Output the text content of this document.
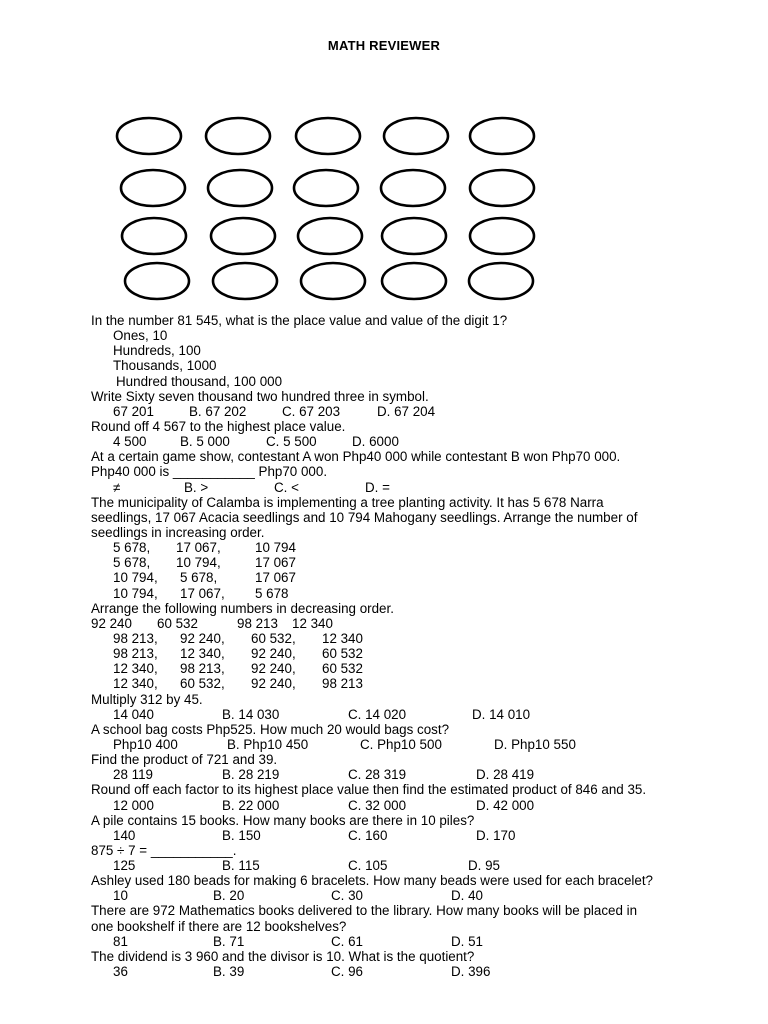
MATH REVIEWER
In the number 81 545, what is the place value and value of the digit 1?
Ones, 10
Hundreds, 100
Thousands, 1000
Hundred thousand, 100 000
Write Sixty seven thousand two hundred three in symbol.
67 201	B. 67 202	C. 67 203	D. 67 204
Round off 4 567 to the highest place value.
4 500 B. 5 000	C. 5 500	D. 6000
At a certain game show, contestant A won Php40 000 while contestant B won Php70 000.
Php40 000 is ___________ Php70 000.
≠	B. >	C. <	D. =
The municipality of Calamba is implementing a tree planting activity. It has 5 678 Narra
seedlings, 17 067 Acacia seedlings and 10 794 Mahogany seedlings. Arrange the number of
seedlings in increasing order.
5 678, 17 067,	10 794
5 678, 10 794,	17 067
10 794, 5 678,	17 067
10 794, 17 067, 5 678
Arrange the following numbers in decreasing order.
92 240 60 532	98 213 12 340
98 213, 92 240, 60 532, 12 340
98 213, 12 340, 92 240, 60 532
12 340, 98 213, 92 240, 60 532
12 340, 60 532, 92 240, 98 213
Multiply 312 by 45.
14 040	B. 14 030	C. 14 020	D. 14 010
A school bag costs Php525. How much 20 would bags cost?
Php10 400	B. Php10 450	C. Php10 500	D. Php10 550
Find the product of 721 and 39.
28 119	B. 28 219	C. 28 319	D. 28 419
Round off each factor to its highest place value then find the estimated product of 846 and 35.
12 000	B. 22 000	C. 32 000	D. 42 000
A pile contains 15 books. How many books are there in 10 piles?
140	B. 150	C. 160	D. 170
875 ÷ 7 = ___________.
125	B. 115	C. 105	D. 95
Ashley used 180 beads for making 6 bracelets. How many beads were used for each bracelet?
10	B. 20	C. 30	D. 40
There are 972 Mathematics books delivered to the library. How many books will be placed in
one bookshelf if there are 12 bookshelves?
81	B. 71	C. 61	D. 51
The dividend is 3 960 and the divisor is 10. What is the quotient?
36	B. 39	C. 96	D. 396
